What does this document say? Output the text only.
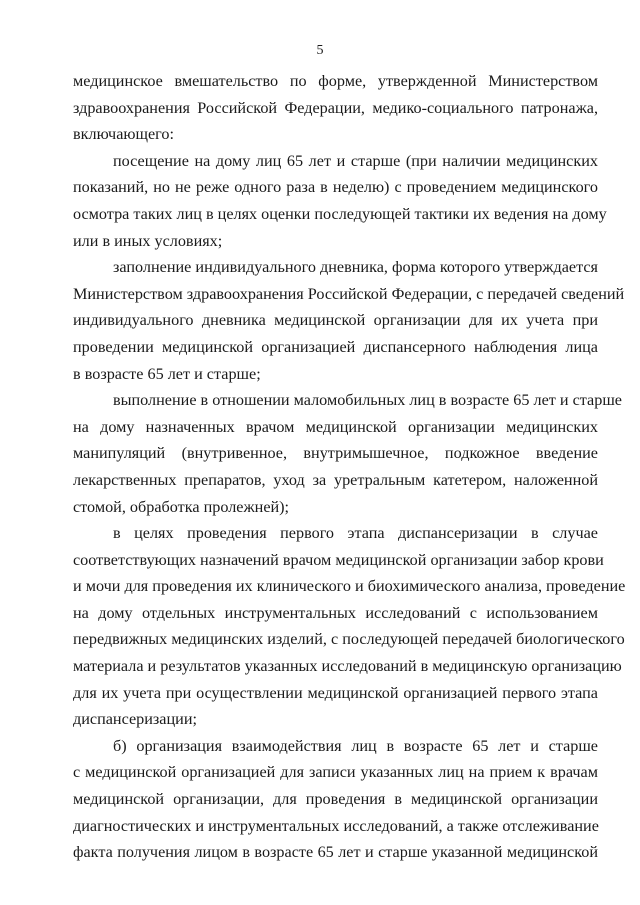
5
медицинское вмешательство по форме, утвержденной Министерством
здравоохранения Российской Федерации, медико-социального патронажа,
включающего:
посещение на дому лиц 65 лет и старше (при наличии медицинских
показаний, но не реже одного раза в неделю) с проведением медицинского
осмотра таких лиц в целях оценки последующей тактики их ведения на дому
или в иных условиях;
заполнение индивидуального дневника, форма которого утверждается
Министерством здравоохранения Российской Федерации, с передачей сведений
индивидуального дневника медицинской организации для их учета при
проведении медицинской организацией диспансерного наблюдения лица
в возрасте 65 лет и старше;
выполнение в отношении маломобильных лиц в возрасте 65 лет и старше
на дому назначенных врачом медицинской организации медицинских
манипуляций (внутривенное, внутримышечное, подкожное введение
лекарственных препаратов, уход за уретральным катетером, наложенной
стомой, обработка пролежней);
в целях проведения первого этапа диспансеризации в случае
соответствующих назначений врачом медицинской организации забор крови
и мочи для проведения их клинического и биохимического анализа, проведение
на дому отдельных инструментальных исследований с использованием
передвижных медицинских изделий, с последующей передачей биологического
материала и результатов указанных исследований в медицинскую организацию
для их учета при осуществлении медицинской организацией первого этапа
диспансеризации;
б) организация взаимодействия лиц в возрасте 65 лет и старше
с медицинской организацией для записи указанных лиц на прием к врачам
медицинской организации, для проведения в медицинской организации
диагностических и инструментальных исследований, а также отслеживание
факта получения лицом в возрасте 65 лет и старше указанной медицинской
